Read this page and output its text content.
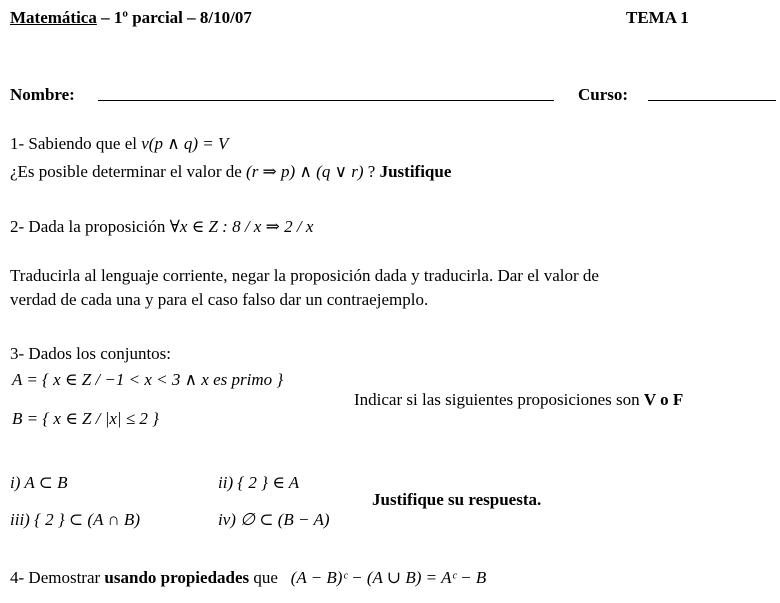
Matemática – 1º parcial – 8/10/07	TEMA 1
Nombre:	Curso:
1- Sabiendo que el v(p ∧ q) = V
¿Es posible determinar el valor de (r ⇒ p) ∧ (q ∨ r) ? Justifique
2- Dada la proposición ∀x ∈ Z : 8 / x ⇒ 2 / x
Traducirla al lenguaje corriente, negar la proposición dada y traducirla. Dar el valor de
verdad de cada una y para el caso falso dar un contraejemplo.
3- Dados los conjuntos:
A = { x ∈ Z / −1 < x < 3 ∧ x es primo }
B = { x ∈ Z / |x| ≤ 2 }
Indicar si las siguientes proposiciones son V o F
i) A ⊂ B	ii) { 2 } ∈ A
iii) { 2 } ⊂ (A ∩ B)	iv) ∅ ⊂ (B − A)
Justifique su respuesta.
4- Demostrar usando propiedades que   (A − B)ᶜ − (A ∪ B) = Aᶜ − B
